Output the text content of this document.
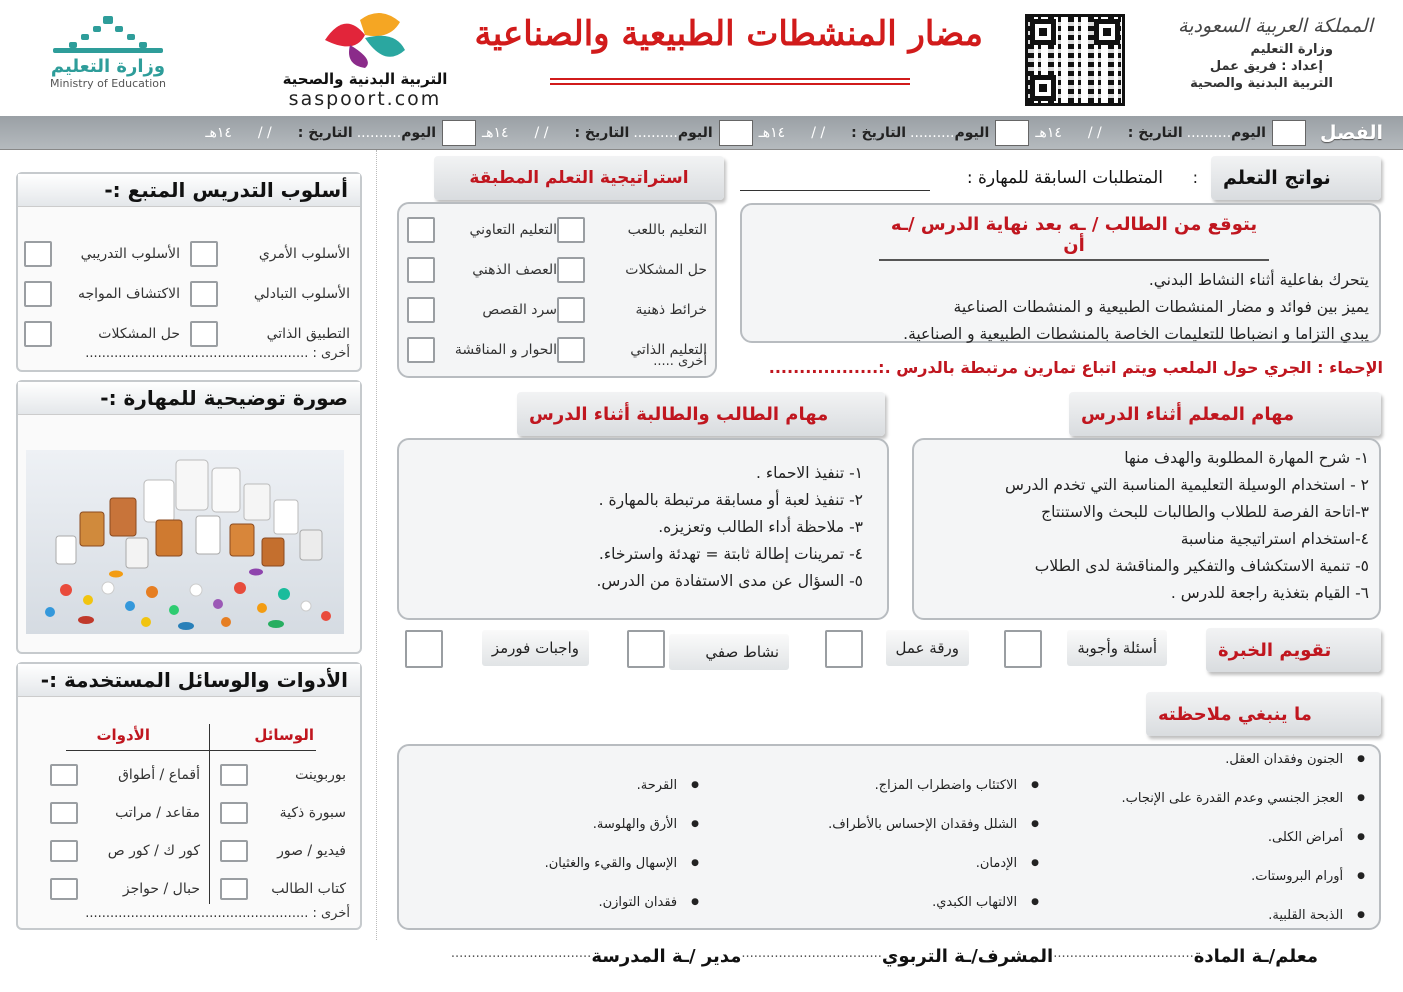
المملكة العربية السعودية
وزارة التعليم
إعداد : فريق عمل
التربية البدنية والصحية
مضار المنشطات الطبيعية والصناعية
التربية البدنية والصحية
saspoort.com
وزارة التعليم
Ministry of Education
الفصل
اليوم..........
التاريخ :
/ /
١٤هـ
اليوم..........
التاريخ :
/ /
١٤هـ
اليوم..........
التاريخ :
/ /
١٤هـ
اليوم..........
التاريخ :
/ /
١٤هـ
نواتج التعلم
:
المتطلبات السابقة للمهارة :
يتوقع من الطالب / ـه بعد نهاية الدرس /ـه أن
يتحرك بفاعلية أثناء النشاط البدني.
يميز بين فوائد و مضار المنشطات الطبيعية و المنشطات الصناعية
يبدي التزاما و انضباطا للتعليمات الخاصة بالمنشطات الطبيعية و الصناعية.
استراتيجية التعلم المطبقة
التعليم باللعب
حل المشكلات
خرائط ذهنية
التعليم الذاتي
التعليم التعاوني
العصف الذهني
سرد القصص
الحوار و المناقشة
أخرى .....	الإحماء : الجري حول الملعب ويتم اتباع تمارين مرتبطة بالدرس .:..................
مهام المعلم أثناء الدرس
١- شرح المهارة المطلوبة والهدف منها
٢ - استخدام الوسيلة التعليمية المناسبة التي تخدم الدرس
٣-اتاحة الفرصة للطلاب والطالبات للبحث والاستنتاج
٤-استخدام استراتيجية مناسبة
٥- تنمية الاستكشاف والتفكير والمناقشة لدى الطلاب
٦- القيام بتغذية راجعة للدرس .
مهام الطالب والطالبة أثناء الدرس
١- تنفيذ الاحماء .
٢- تنفيذ لعبة أو مسابقة مرتبطة بالمهارة .
٣- ملاحظة أداء الطالب وتعزيزه.
٤- تمرينات إطالة ثابتة = تهدئة واسترخاء.
٥- السؤال عن مدى الاستفادة من الدرس.
تقويم الخبرة
أسئلة وأجوبة
ورقة عمل
نشاط صفي
واجبات فورمز
ما ينبغي ملاحظته
● الجنون وفقدان العقل.
● العجز الجنسي وعدم القدرة على الإنجاب.
● أمراض الكلى.
● أورام البروستات.
● الذبحة القلبية.
● الاكتئاب واضطراب المزاج.
● الشلل وفقدان الإحساس بالأطراف.
● الإدمان.
● الالتهاب الكبدي.
● القرحة.
● الأرق والهلوسة.
● الإسهال والقيء والغثيان.
● فقدان التوازن.
معلم/ـة المادة
..................................
المشرف/ـة التربوي
..................................
مدير /ـة المدرسة
..................................
أسلوب التدريس المتبع :-
الأسلوب الأمري
الأسلوب التبادلي
التطبيق الذاتي
الأسلوب التدريبي
الاكتشاف المواجه
حل المشكلات
أخرى : ......................................................
صورة توضيحية للمهارة :-
الأدوات والوسائل المستخدمة :-
الوسائل
الأدوات
بوربوينت
سبورة ذكية
فيديو / صور
كتاب الطالب
أقماع / أطواق
مقاعد / مراتب
كور ك / كور ص
حبال / حواجز
أخرى : ......................................................
